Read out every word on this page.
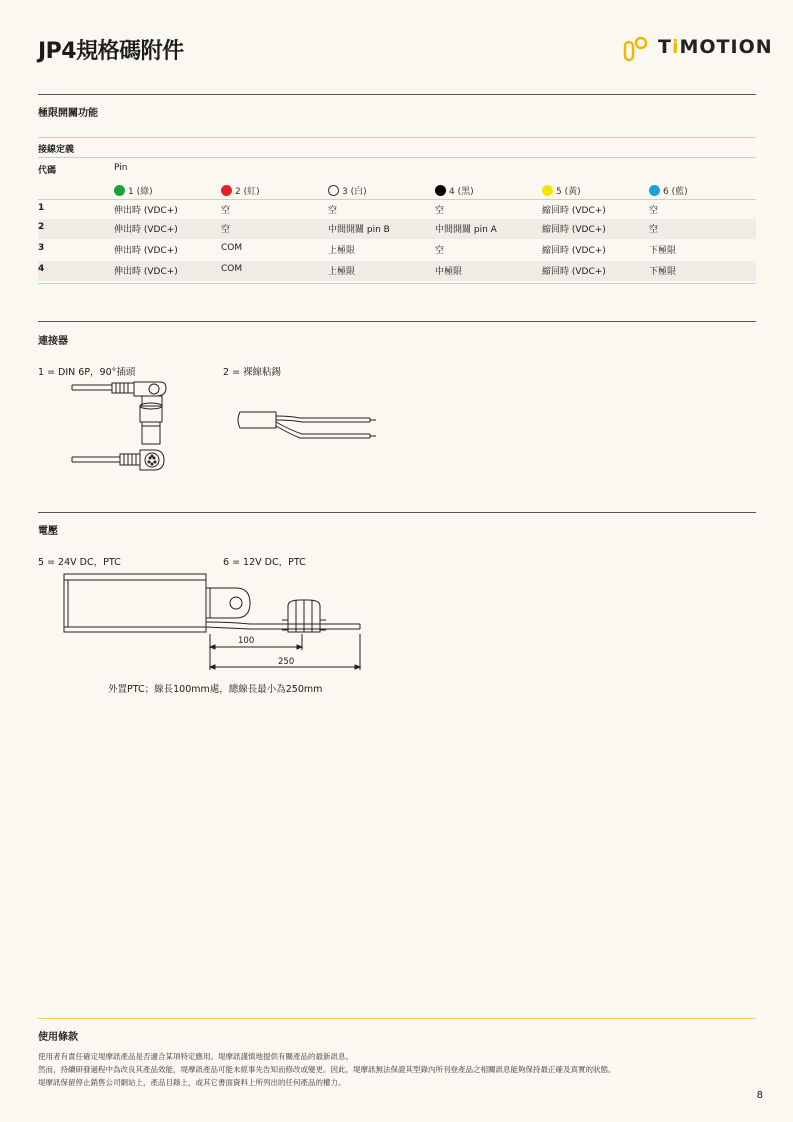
JP4規格碼附件	TiMOTION
極限開關功能
接線定義
代碼	Pin
1 (綠)	2 (紅)	3 (白)	4 (黑)	5 (黃)	6 (藍)
1	伸出時 (VDC+)	空	空	空	縮回時 (VDC+)	空
2	伸出時 (VDC+)	空	中間開關 pin B	中間開關 pin A	縮回時 (VDC+)	空
3	伸出時 (VDC+)	COM	上極限	空	縮回時 (VDC+)	下極限
4	伸出時 (VDC+)	COM	上極限	中極限	縮回時 (VDC+)	下極限
連接器
1 = DIN 6P，90°插頭	2 = 裸線粘錫
電壓
5 = 24V DC，PTC	6 = 12V DC，PTC
100
250
外置PTC；線長100mm處，總線長最小為250mm
使用條款
使用者有責任確定堤摩訊產品是否適合某項特定應用。堤摩訊謹慎地提供有關產品的最新訊息。
然而，持續研發過程中為改良其產品效能，堤摩訊產品可能未經事先告知而修改或變更。因此，堤摩訊無法保證其型錄內所刊登產品之相關訊息能夠保持最正確及真實的狀態。
堤摩訊保留停止銷售公司網站上，產品目錄上，或其它書面資料上所列出的任何產品的權力。
8
